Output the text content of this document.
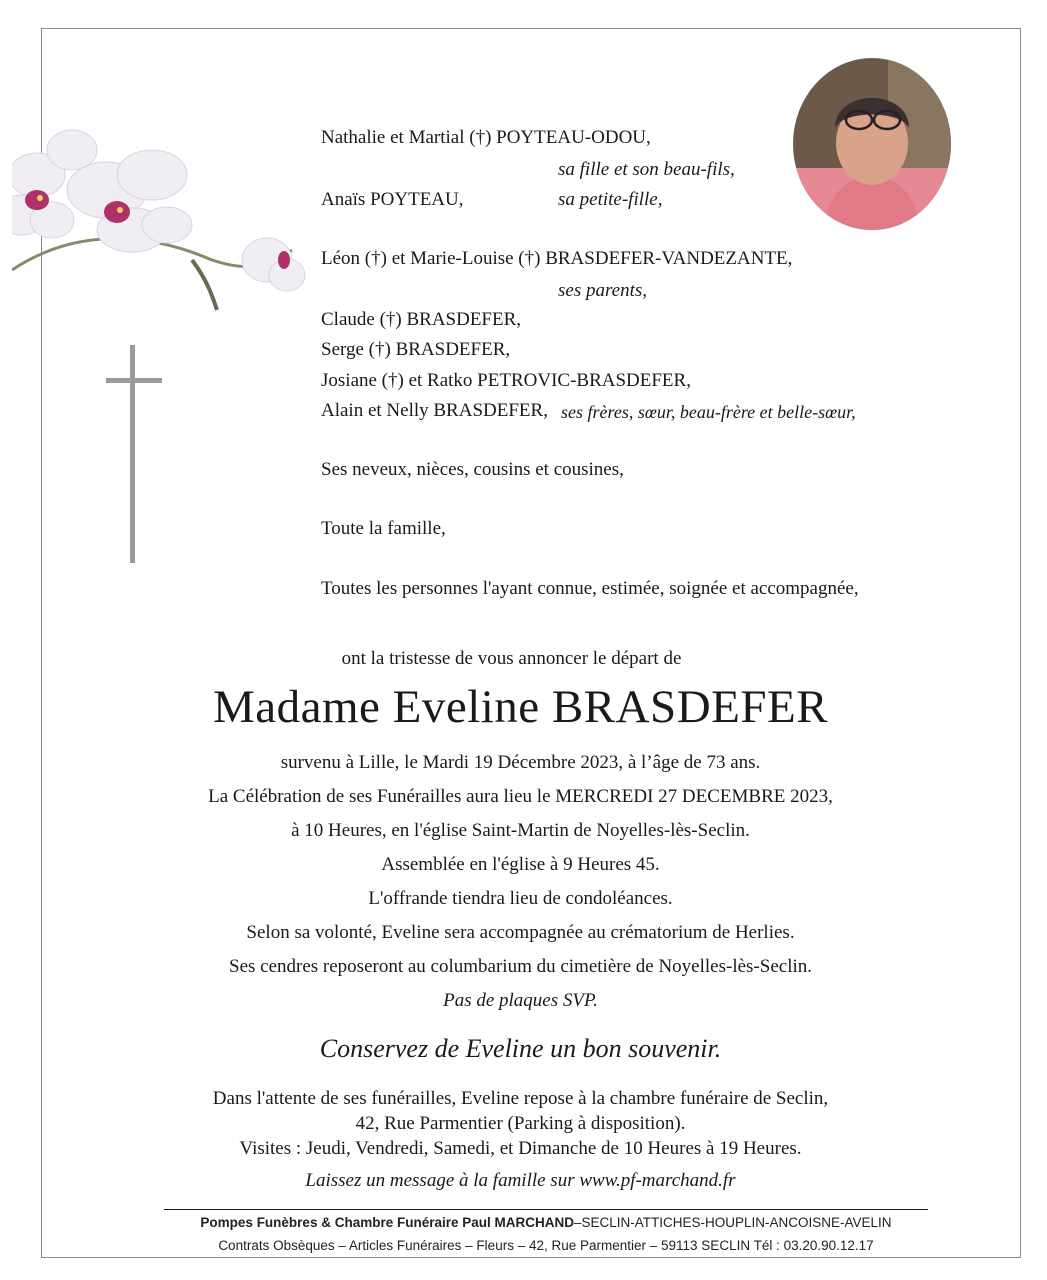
Nathalie et Martial (†) POYTEAU-ODOU,
sa fille et son beau-fils,
Anaïs POYTEAU,	sa petite-fille,
Léon (†) et Marie-Louise (†) BRASDEFER-VANDEZANTE,
ses parents,
Claude (†) BRASDEFER,
Serge (†) BRASDEFER,
Josiane (†) et Ratko PETROVIC-BRASDEFER,
Alain et Nelly BRASDEFER, ses frères, sœur, beau-frère et belle-sœur,
Ses neveux, nièces, cousins et cousines,
Toute la famille,
Toutes les personnes l'ayant connue, estimée, soignée et accompagnée,
ont la tristesse de vous annoncer le départ de
Madame Eveline BRASDEFER
survenu à Lille, le Mardi 19 Décembre 2023, à l’âge de 73 ans.
La Célébration de ses Funérailles aura lieu le MERCREDI 27 DECEMBRE 2023,
à 10 Heures, en l'église Saint-Martin de Noyelles-lès-Seclin.
Assemblée en l'église à 9 Heures 45.
L'offrande tiendra lieu de condoléances.
Selon sa volonté, Eveline sera accompagnée au crématorium de Herlies.
Ses cendres reposeront au columbarium du cimetière de Noyelles-lès-Seclin.
Pas de plaques SVP.
Conservez de Eveline un bon souvenir.
Dans l'attente de ses funérailles, Eveline repose à la chambre funéraire de Seclin,
42, Rue Parmentier (Parking à disposition).
Visites : Jeudi, Vendredi, Samedi, et Dimanche de 10 Heures à 19 Heures.
Laissez un message à la famille sur www.pf-marchand.fr
Pompes Funèbres & Chambre Funéraire Paul MARCHAND–SECLIN-ATTICHES-HOUPLIN-ANCOISNE-AVELIN
Contrats Obsèques – Articles Funéraires – Fleurs – 42, Rue Parmentier – 59113 SECLIN Tél : 03.20.90.12.17
